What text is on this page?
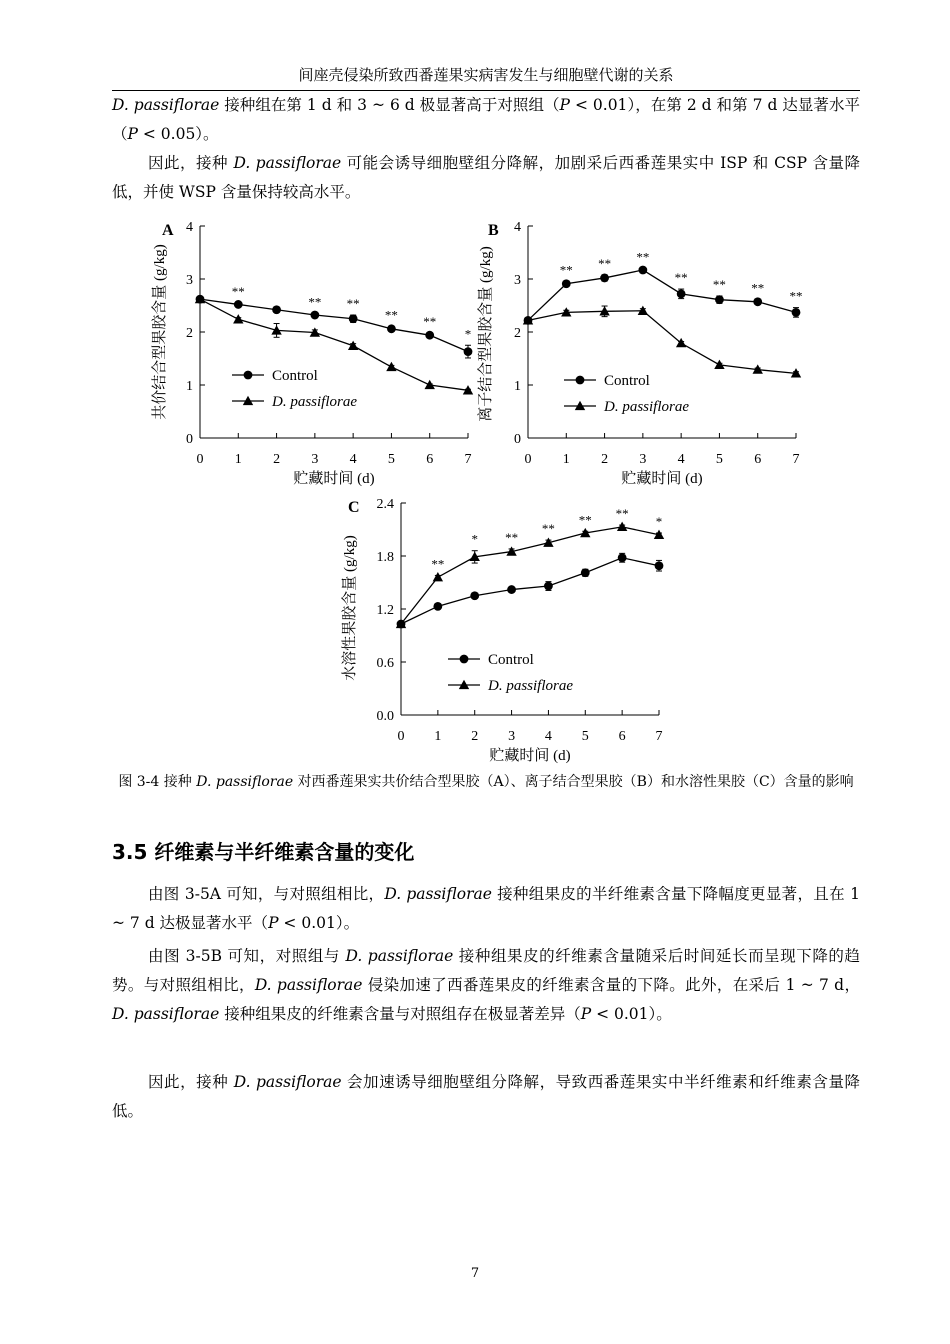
间座壳侵染所致西番莲果实病害发生与细胞壁代谢的关系

D. passiflorae 接种组在第 1 d 和 3 ~ 6 d 极显著高于对照组（P < 0.01），在第 2 d 和第 7 d 达显著水平（P < 0.05）。

因此，接种 D. passiflorae 可能会诱导细胞壁组分降解，加剧采后西番莲果实中 ISP 和 CSP 含量降低，并使 WSP 含量保持较高水平。

A
0
1
2
3
4
0 1 2 3 4 5 6 7
贮藏时间 (d)
共价结合型果胶含量 (g/kg)	**
** **
** **
*
Control
D. passiflorae
B
0
1
2
3
4
0 1 2 3 4 5 6 7
贮藏时间 (d)
离子结合型果胶含量 (g/kg)	** ** **
** ** **
**
Control
D. passiflorae
C
0.0
0.6
1.2
1.8
2.4
0 1 2 3 4 5 6 7
贮藏时间 (d)
水溶性果胶含量 (g/kg)	**
* **
**
** **
*
Control
D. passiflorae
图 3-4 接种 D. passiflorae 对西番莲果实共价结合型果胶（A）、离子结合型果胶（B）和水溶性果胶（C）含量的影响
3.5 纤维素与半纤维素含量的变化

由图 3-5A 可知，与对照组相比，D. passiflorae 接种组果皮的半纤维素含量下降幅度更显著，且在 1 ~ 7 d 达极显著水平（P < 0.01）。

由图 3-5B 可知，对照组与 D. passiflorae 接种组果皮的纤维素含量随采后时间延长而呈现下降的趋势。与对照组相比，D. passiflorae 侵染加速了西番莲果皮的纤维素含量的下降。此外，在采后 1 ~ 7 d，D. passiflorae 接种组果皮的纤维素含量与对照组存在极显著差异（P < 0.01）。

因此，接种 D. passiflorae 会加速诱导细胞壁组分降解，导致西番莲果实中半纤维素和纤维素含量降低。

7
